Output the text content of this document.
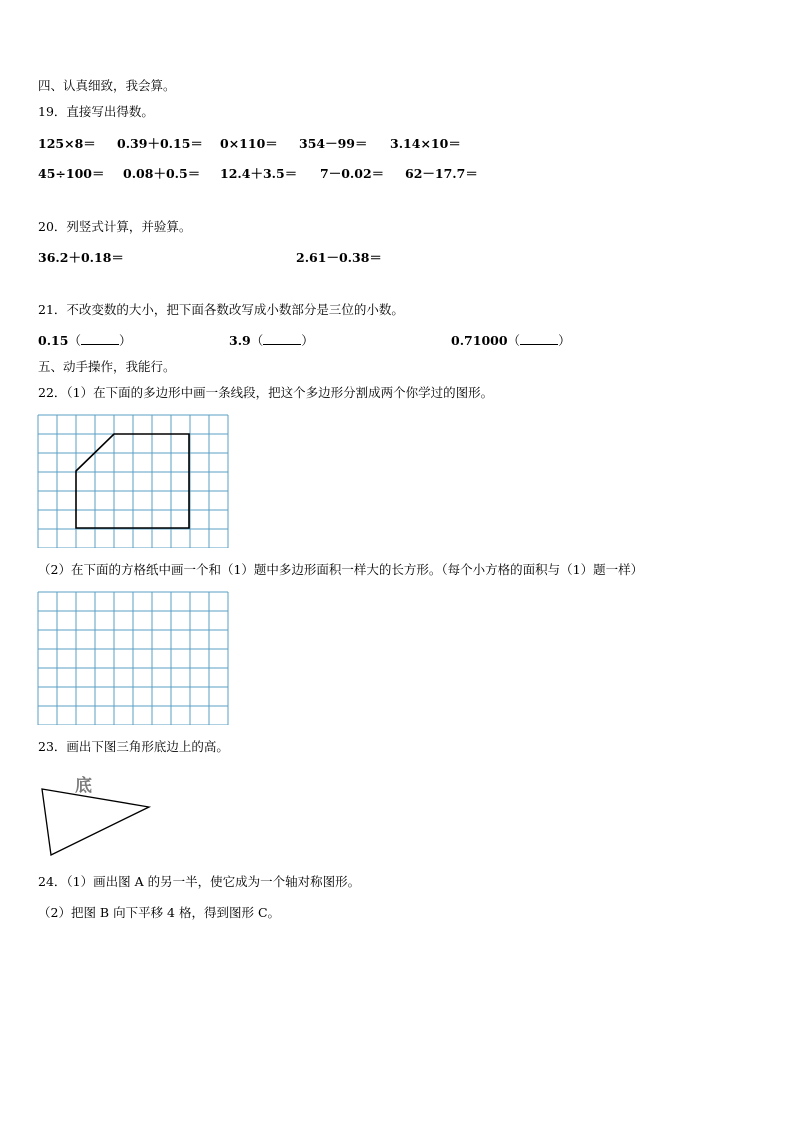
四、认真细致，我会算。
19．直接写出得数。
125×8＝ 0.39＋0.15＝ 0×110＝ 354－99＝ 3.14×10＝
45÷100＝ 0.08＋0.5＝ 12.4＋3.5＝ 7－0.02＝ 62－17.7＝
20．列竖式计算，并验算。
36.2＋0.18＝	2.61－0.38＝
21．不改变数的大小，把下面各数改写成小数部分是三位的小数。
0.15（	）	3.9（	）	0.71000（	）
五、动手操作，我能行。
22．（1）在下面的多边形中画一条线段，把这个多边形分割成两个你学过的图形。
（2）在下面的方格纸中画一个和（1）题中多边形面积一样大的长方形。（每个小方格的面积与（1）题一样）
23．画出下图三角形底边上的高。
底
24．（1）画出图 A 的另一半，使它成为一个轴对称图形。
（2）把图 B 向下平移 4 格，得到图形 C。
